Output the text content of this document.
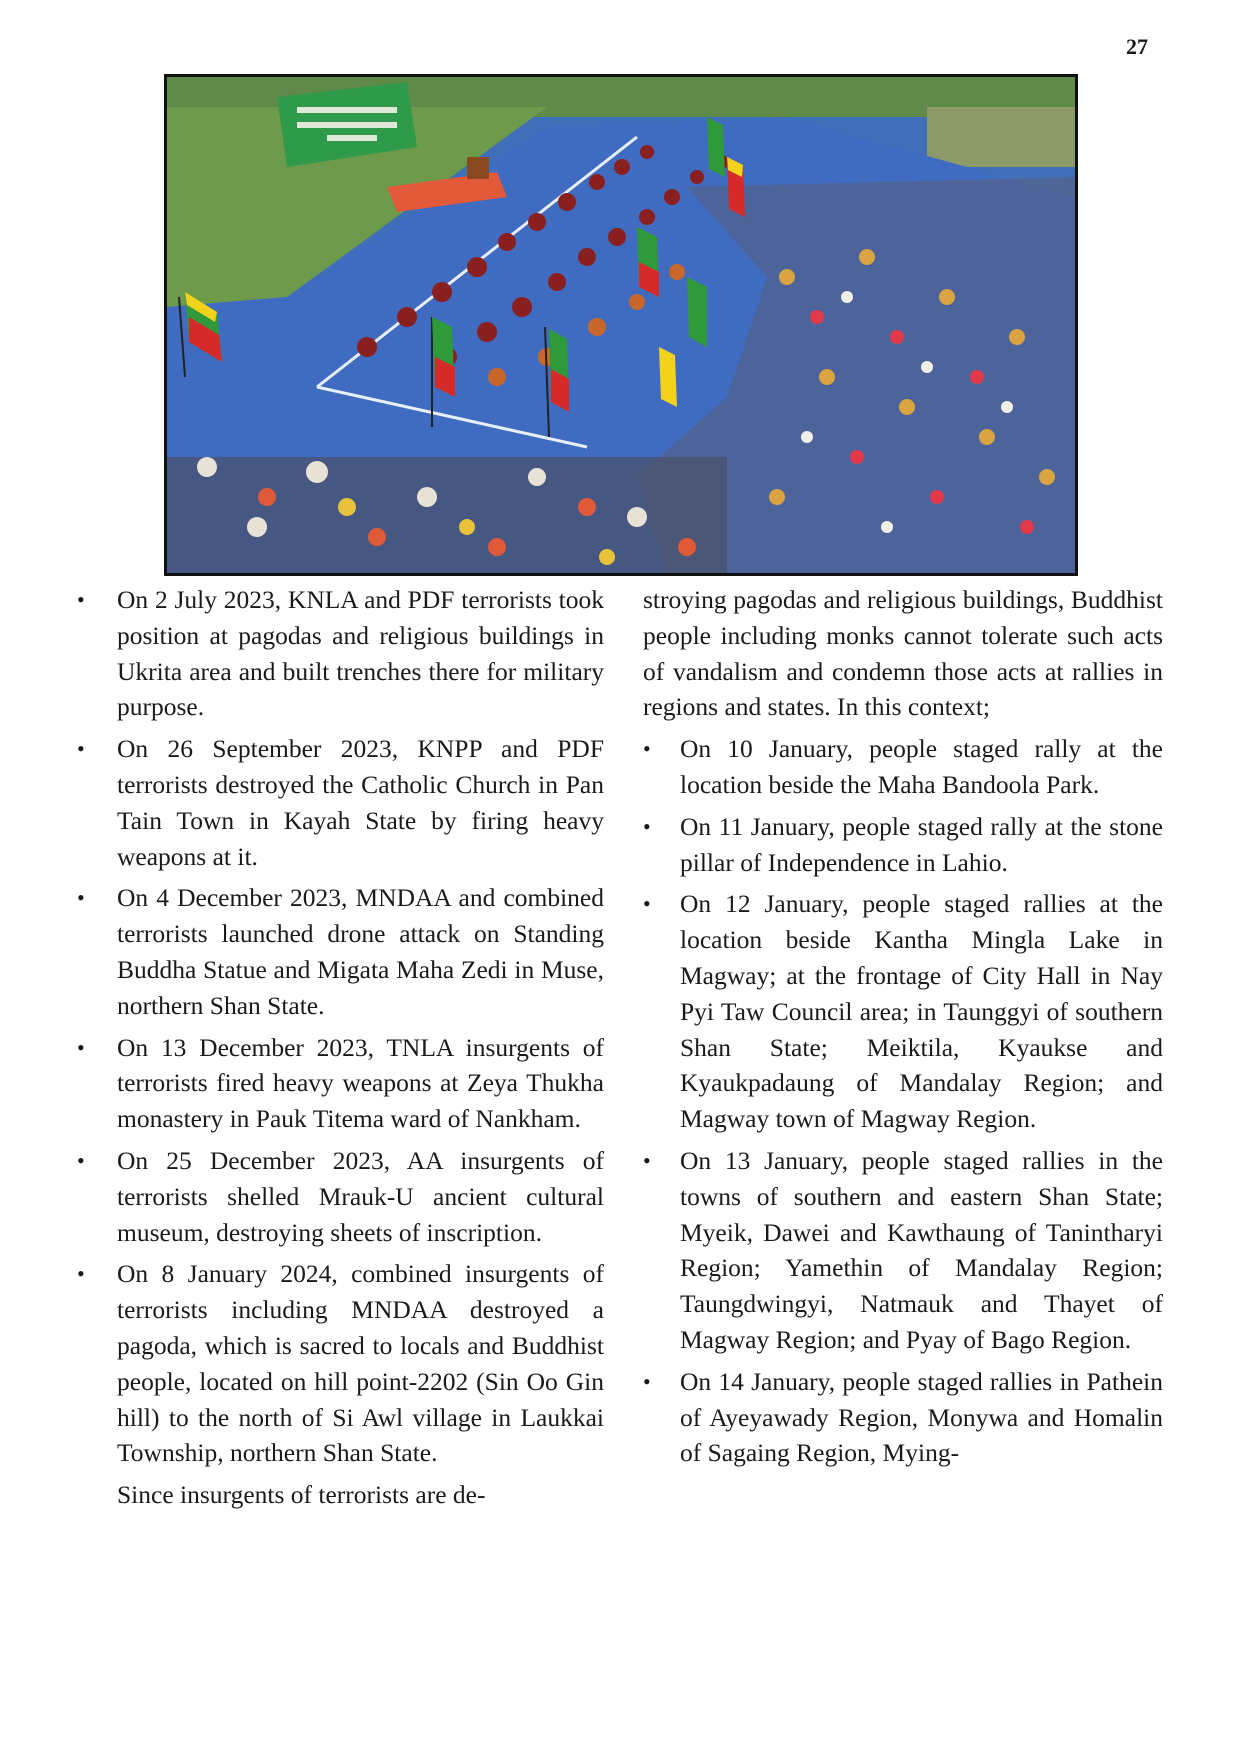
27
• On 2 July 2023, KNLA and PDF terrorists took position at pagodas and religious buildings in Ukrita area and built trenches there for military purpose.
• On 26 September 2023, KNPP and PDF terrorists destroyed the Catholic Church in Pan Tain Town in Kayah State by firing heavy weapons at it.
• On 4 December 2023, MNDAA and combined terrorists launched drone attack on Standing Buddha Statue and Migata Maha Zedi in Muse, northern Shan State.
• On 13 December 2023, TNLA insurgents of terrorists fired heavy weapons at Zeya Thukha monastery in Pauk Titema ward of Nankham.
• On 25 December 2023, AA insurgents of terrorists shelled Mrauk-U ancient cultural museum, destroying sheets of inscription.
• On 8 January 2024, combined insurgents of terrorists including MNDAA destroyed a pagoda, which is sacred to locals and Buddhist people, located on hill point-2202 (Sin Oo Gin hill) to the north of Si Awl village in Laukkai Township, northern Shan State.

Since insurgents of terrorists are de-

stroying pagodas and religious buildings, Buddhist people including monks cannot tolerate such acts of vandalism and condemn those acts at rallies in regions and states. In this context;

• On 10 January, people staged rally at the location beside the Maha Bandoola Park.
• On 11 January, people staged rally at the stone pillar of Independence in Lahio.
• On 12 January, people staged rallies at the location beside Kantha Mingla Lake in Magway; at the frontage of City Hall in Nay Pyi Taw Council area; in Taunggyi of southern Shan State; Meiktila, Kyaukse and Kyaukpadaung of Mandalay Region; and Magway town of Magway Region.
• On 13 January, people staged rallies in the towns of southern and eastern Shan State; Myeik, Dawei and Kawthaung of Tanintharyi Region; Yamethin of Mandalay Region; Taungdwingyi, Natmauk and Thayet of Magway Region; and Pyay of Bago Region.
• On 14 January, people staged rallies in Pathein of Ayeyawady Region, Monywa and Homalin of Sagaing Region, Mying-
